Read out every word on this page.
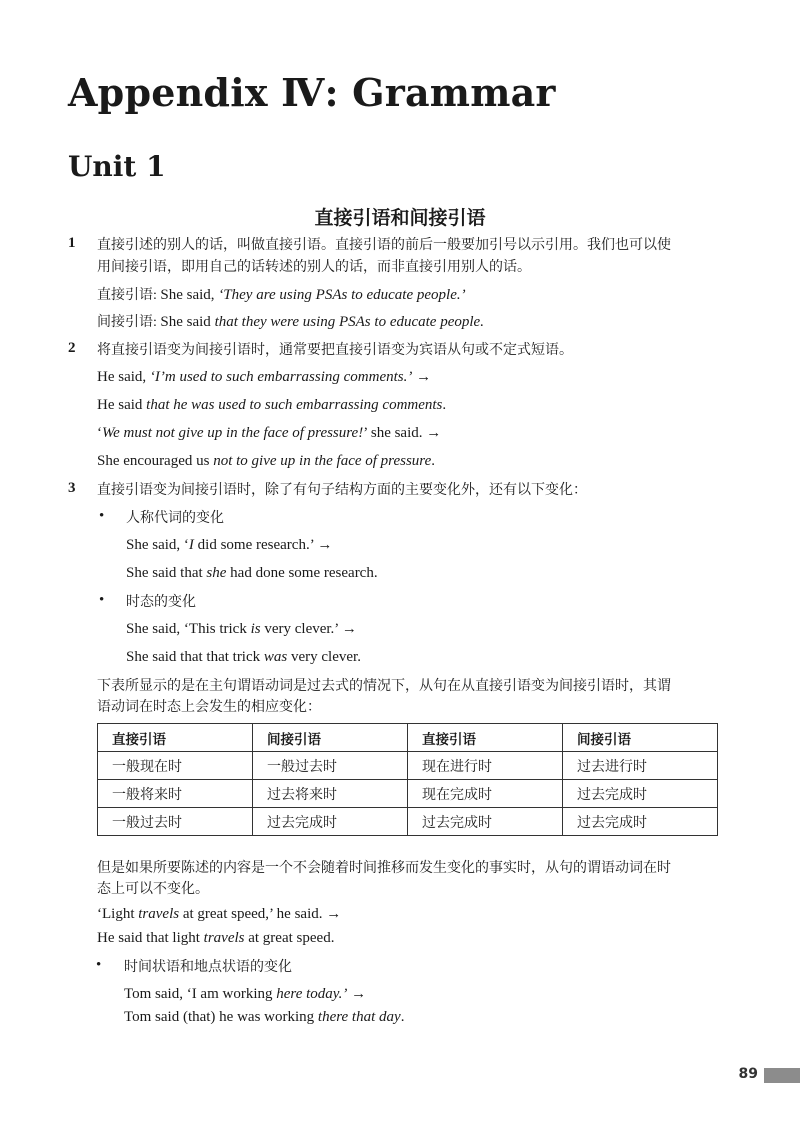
Appendix Ⅳ: Grammar
Unit 1
直接引语和间接引语
1 直接引述的别人的话，叫做直接引语。直接引语的前后一般要加引号以示引用。我们也可以使
用间接引语，即用自己的话转述的别人的话，而非直接引用别人的话。
直接引语: She said, ‘They are using PSAs to educate people.’
间接引语: She said that they were using PSAs to educate people.
2 将直接引语变为间接引语时，通常要把直接引语变为宾语从句或不定式短语。
He said, ‘I’m used to such embarrassing comments.’ →
He said that he was used to such embarrassing comments.
‘We must not give up in the face of pressure!’ she said. →
She encouraged us not to give up in the face of pressure.
3 直接引语变为间接引语时，除了有句子结构方面的主要变化外，还有以下变化：
• 人称代词的变化
She said, ‘I did some research.’ →
She said that she had done some research.
• 时态的变化
She said, ‘This trick is very clever.’ →
She said that that trick was very clever.
下表所显示的是在主句谓语动词是过去式的情况下，从句在从直接引语变为间接引语时，其谓
语动词在时态上会发生的相应变化：
直接引语	间接引语	直接引语	间接引语
一般现在时	一般过去时	现在进行时	过去进行时
一般将来时	过去将来时	现在完成时	过去完成时
一般过去时	过去完成时	过去完成时	过去完成时
但是如果所要陈述的内容是一个不会随着时间推移而发生变化的事实时，从句的谓语动词在时
态上可以不变化。
‘Light travels at great speed,’ he said. →
He said that light travels at great speed.
• 时间状语和地点状语的变化
Tom said, ‘I am working here today.’ →
Tom said (that) he was working there that day.
89
